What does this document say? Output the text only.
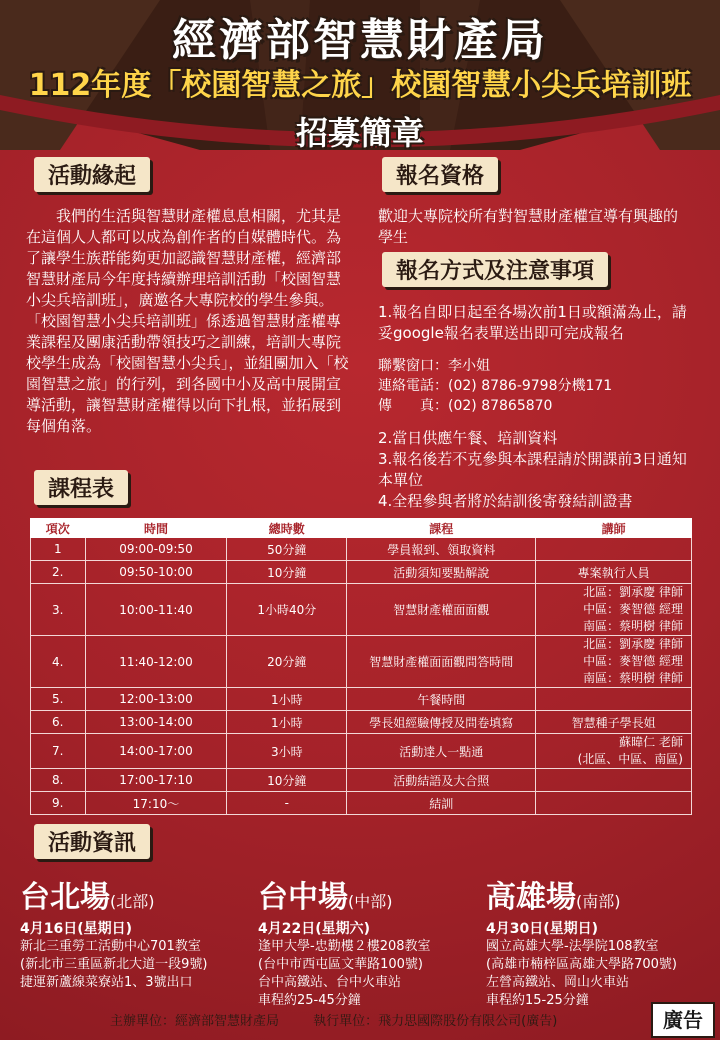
經濟部智慧財產局
112年度「校園智慧之旅」校園智慧小尖兵培訓班
招募簡章
活動緣起
我們的生活與智慧財產權息息相關，尤其是在這個人人都可以成為創作者的自媒體時代。為了讓學生族群能夠更加認識智慧財產權，經濟部智慧財產局今年度持續辦理培訓活動「校園智慧小尖兵培訓班」，廣邀各大專院校的學生參與。「校園智慧小尖兵培訓班」係透過智慧財產權專業課程及團康活動帶領技巧之訓練，培訓大專院校學生成為「校園智慧小尖兵」，並組團加入「校園智慧之旅」的行列，到各國中小及高中展開宣導活動，讓智慧財產權得以向下扎根，並拓展到每個角落。
報名資格
歡迎大專院校所有對智慧財產權宣導有興趣的學生
報名方式及注意事項
1.報名自即日起至各場次前1日或額滿為止，請妥google報名表單送出即可完成報名
聯繫窗口：李小姐
連絡電話：(02) 8786-9798分機171
傳　　真：(02) 87865870
2.當日供應午餐、培訓資料
3.報名後若不克參與本課程請於開課前3日通知本單位
4.全程參與者將於結訓後寄發結訓證書
課程表
項次	時間	總時數	課程	講師
1	09:00-09:50	50分鐘	學員報到、領取資料	
2.	09:50-10:00	10分鐘	活動須知要點解說	專案執行人員
3.	10:00-11:40	1小時40分	智慧財產權面面觀	北區：劉承慶 律師
中區：麥智德 經理
南區：蔡明樹 律師
4.	11:40-12:00	20分鐘	智慧財產權面面觀問答時間	北區：劉承慶 律師
中區：麥智德 經理
南區：蔡明樹 律師
5.	12:00-13:00	1小時	午餐時間	
6.	13:00-14:00	1小時	學長姐經驗傳授及問卷填寫	智慧種子學長姐
7.	14:00-17:00	3小時	活動達人一點通	蘇暐仁 老師
(北區、中區、南區)
8.	17:00-17:10	10分鐘	活動結語及大合照	
9.	17:10～	-	結訓	
活動資訊
台北場(北部)
4月16日(星期日)
新北三重勞工活動中心701教室
(新北市三重區新北大道一段9號)
捷運新蘆線菜寮站1、3號出口
台中場(中部)
4月22日(星期六)
逢甲大學-忠勤樓２樓208教室
(台中市西屯區文華路100號)
台中高鐵站、台中火車站
車程約25-45分鐘
高雄場(南部)
4月30日(星期日)
國立高雄大學-法學院108教室
(高雄市楠梓區高雄大學路700號)
左營高鐵站、岡山火車站
車程約15-25分鐘
主辦單位：經濟部智慧財產局	執行單位：飛力思國際股份有限公司(廣告)	廣告
